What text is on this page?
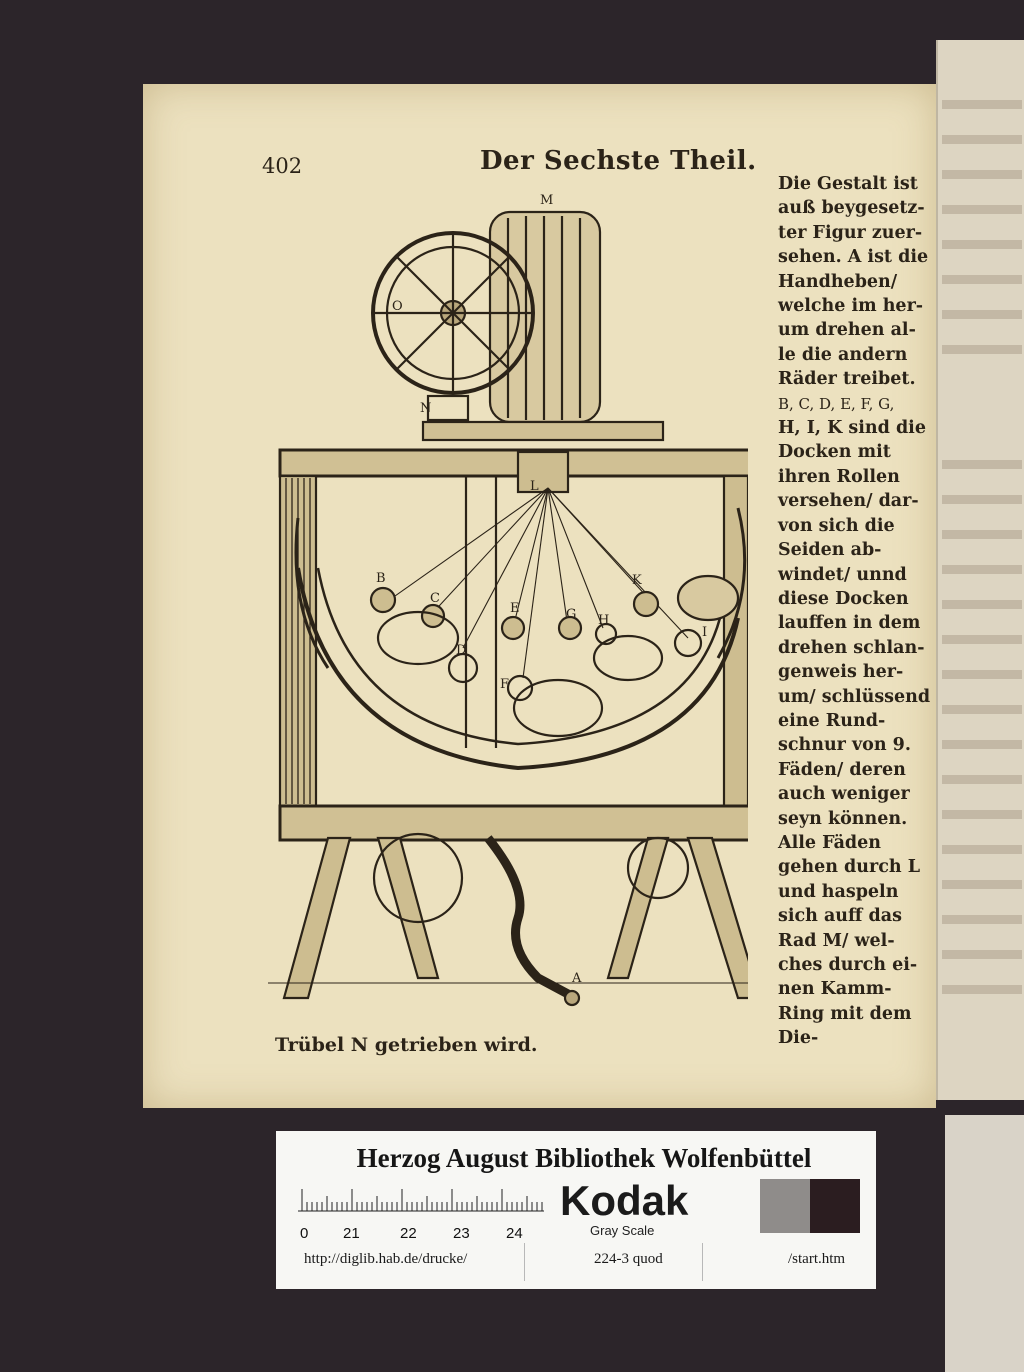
402	Der Sechste Theil.
Die Gestalt ist
auß beygesetz-
ter Figur zuer-
sehen. A ist die
Handheben/
welche im her-
um drehen al-
le die andern
Räder treibet.
B, C, D, E, F, G,
H, I, K sind die
Docken mit
ihren Rollen
versehen/ dar-
von sich die
Seiden ab-
windet/ unnd
diese Docken
lauffen in dem
drehen schlan-
genweis her-
um/ schlüssend
eine Rund-
schnur von 9.
Fäden/ deren
auch weniger
seyn können.
Alle Fäden
gehen durch L
und haspeln
sich auff das
Rad M/ wel-
ches durch ei-
nen Kamm-
Ring mit dem
Die-
M
O
N
L
A
B
C
D
E
F
G H
I
K
Trübel N getrieben wird.
Herzog August Bibliothek Wolfenbüttel
0 21	22 23 24
Kodak
Gray Scale
http://diglib.hab.de/drucke/	224-3 quod	/start.htm
